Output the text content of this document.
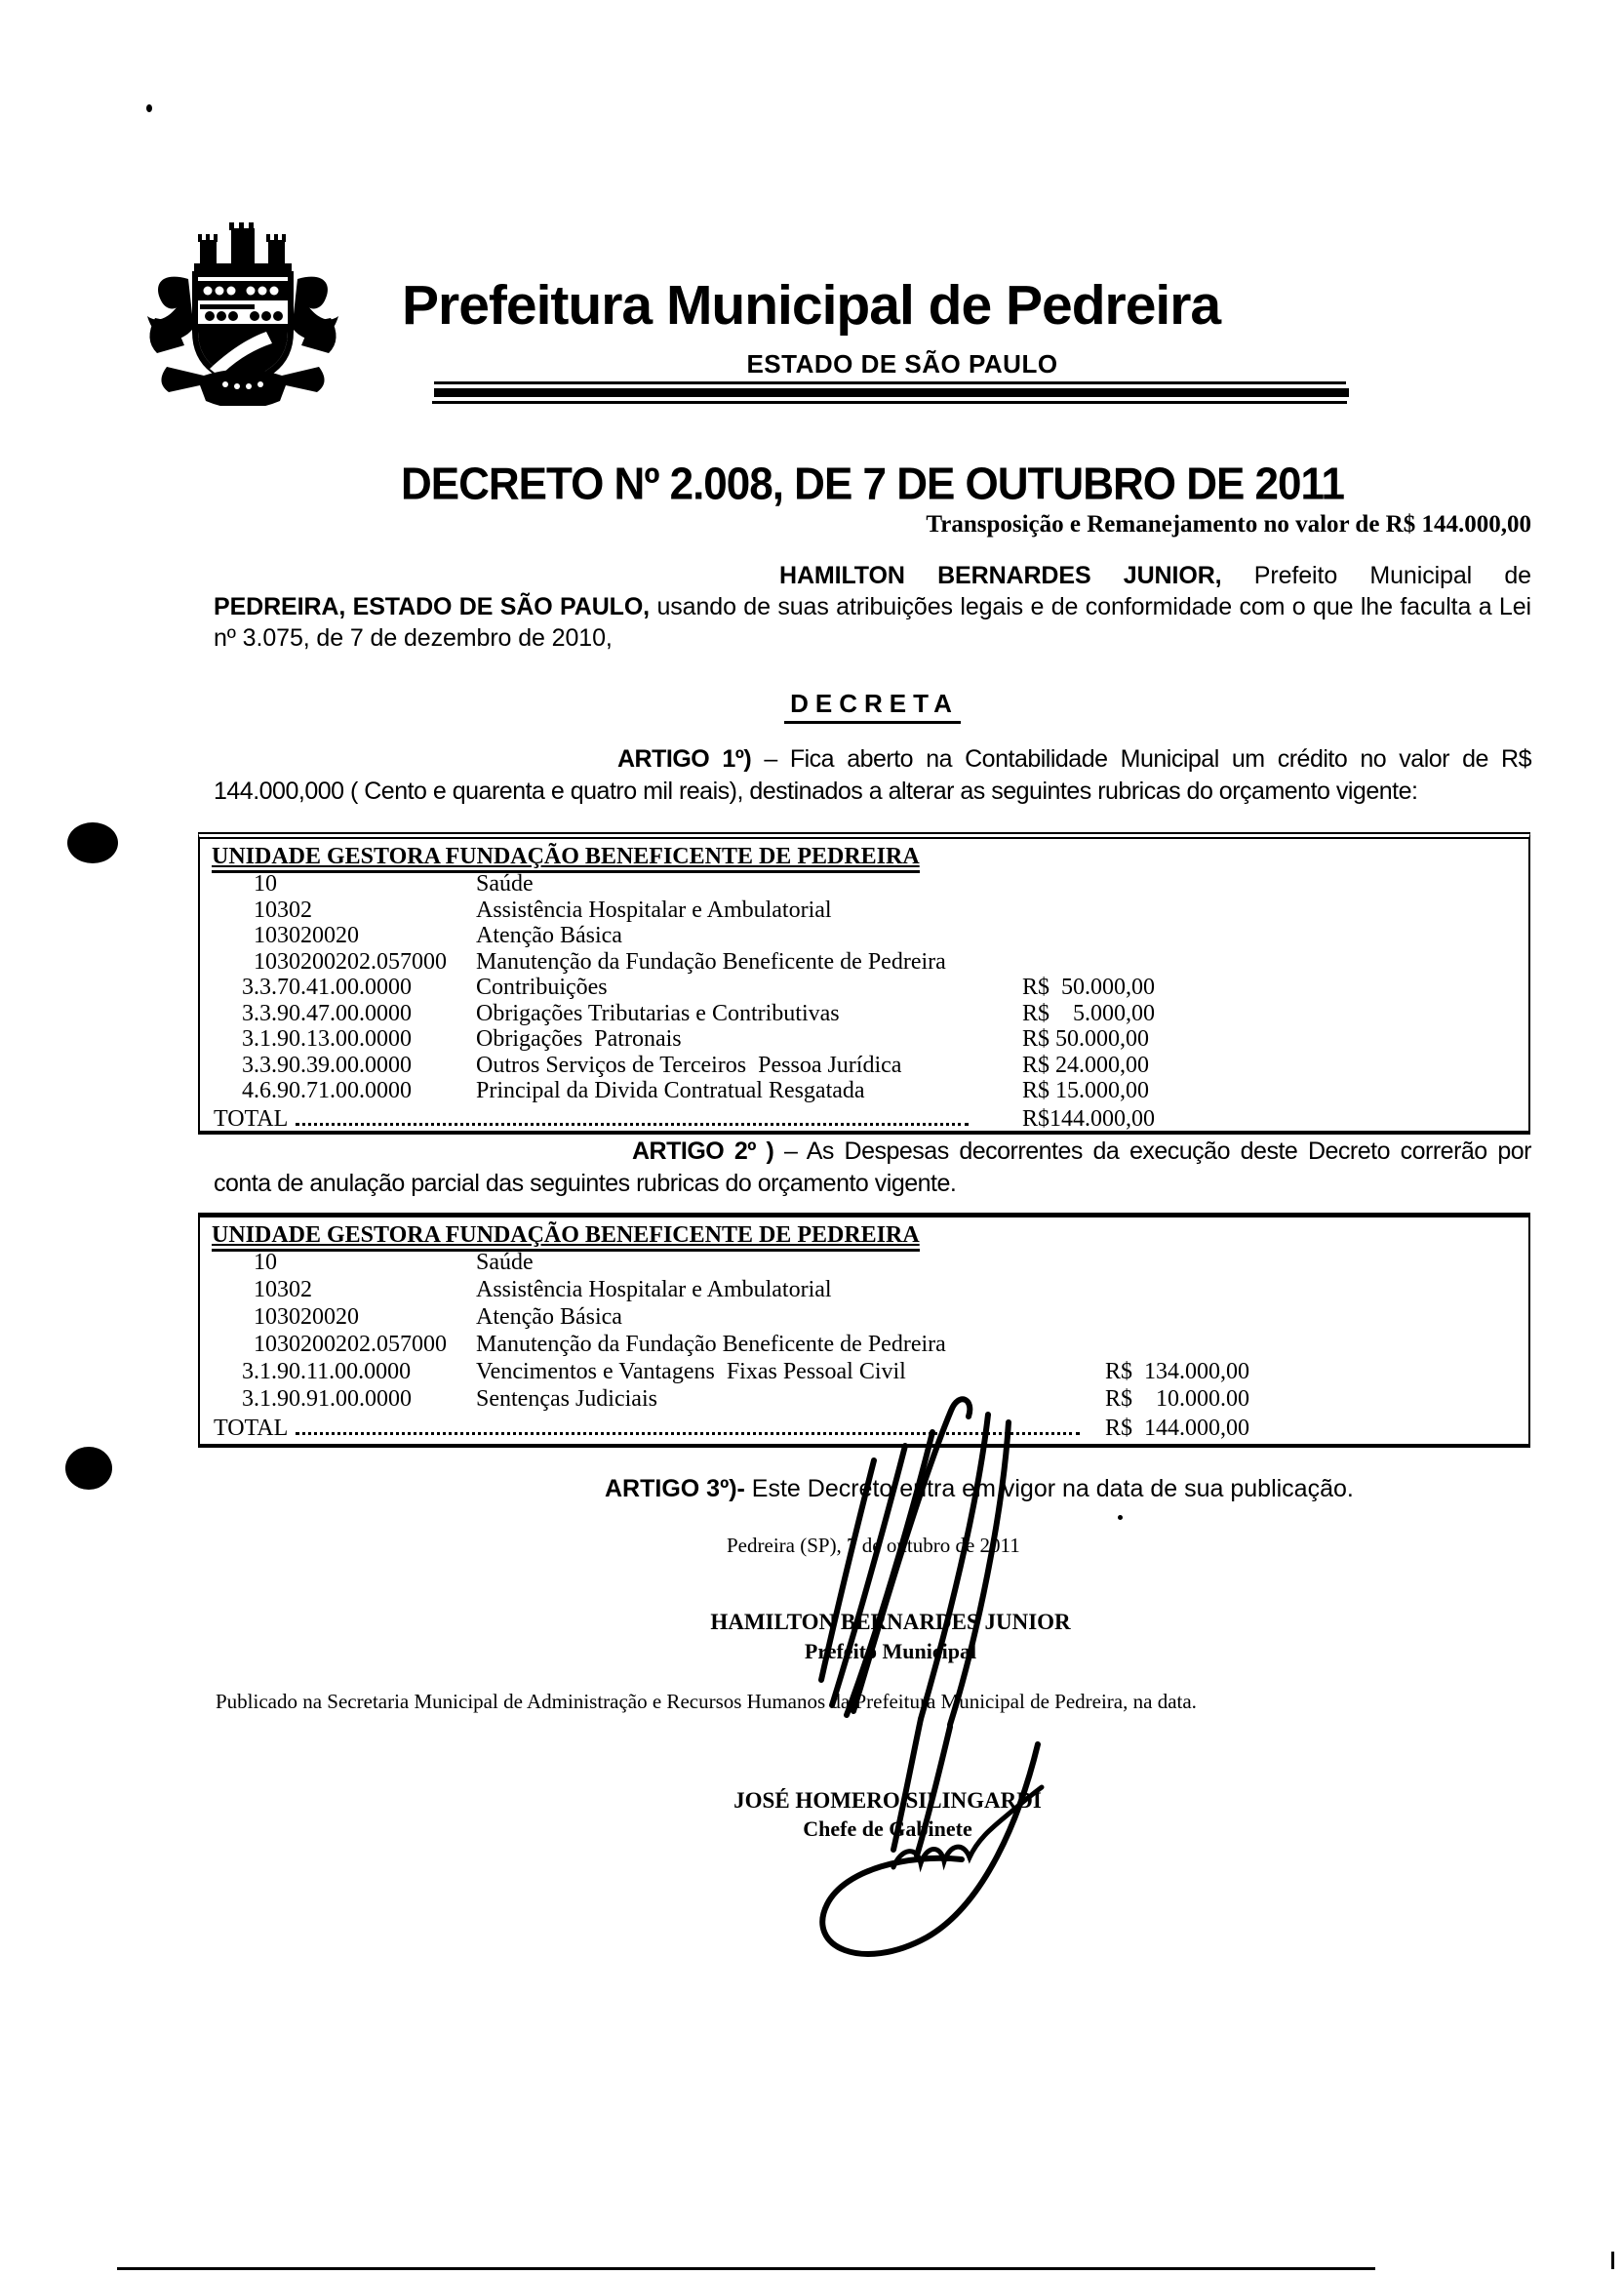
Prefeitura Municipal de Pedreira
ESTADO DE SÃO PAULO
DECRETO Nº 2.008, DE 7 DE OUTUBRO DE 2011
Transposição e Remanejamento no valor de R$ 144.000,00
HAMILTON BERNARDES JUNIOR, Prefeito Municipal de PEDREIRA, ESTADO DE SÃO PAULO, usando de suas atribuições legais e de conformidade com o que lhe faculta a Lei nº 3.075, de 7 de dezembro de 2010,
DECRETA
ARTIGO 1º) – Fica aberto na Contabilidade Municipal um crédito no valor de R$ 144.000,000 ( Cento e quarenta e quatro mil reais), destinados a alterar as seguintes rubricas do orçamento vigente:
UNIDADE GESTORA FUNDAÇÃO BENEFICENTE DE PEDREIRA
10	Saúde
10302	Assistência Hospitalar e Ambulatorial
103020020	Atenção Básica
1030200202.057000	Manutenção da Fundação Beneficente de Pedreira
3.3.70.41.00.0000	Contribuições	R$  50.000,00
3.3.90.47.00.0000	Obrigações Tributarias e Contributivas	R$    5.000,00
3.1.90.13.00.0000	Obrigações  Patronais	R$ 50.000,00
3.3.90.39.00.0000	Outros Serviços de Terceiros  Pessoa Jurídica	R$ 24.000,00
4.6.90.71.00.0000	Principal da Divida Contratual Resgatada	R$ 15.000,00
TOTAL	R$144.000,00
ARTIGO 2º ) – As Despesas decorrentes da execução deste Decreto correrão por conta de anulação parcial das seguintes rubricas do orçamento vigente.
UNIDADE GESTORA FUNDAÇÃO BENEFICENTE DE PEDREIRA
10	Saúde
10302	Assistência Hospitalar e Ambulatorial
103020020	Atenção Básica
1030200202.057000	Manutenção da Fundação Beneficente de Pedreira
3.1.90.11.00.0000	Vencimentos e Vantagens  Fixas Pessoal Civil	R$  134.000,00
3.1.90.91.00.0000	Sentenças Judiciais	R$    10.000.00
TOTAL	R$  144.000,00
ARTIGO 3º)- Este Decreto entra em vigor na data de sua publicação.
Pedreira (SP), 7 de outubro de 2011
HAMILTON BERNARDES JUNIOR
Prefeito Municipal
Publicado na Secretaria Municipal de Administração e Recursos Humanos da Prefeitura Municipal de Pedreira, na data.
JOSÉ HOMERO SILINGARDI
Chefe de Gabinete
